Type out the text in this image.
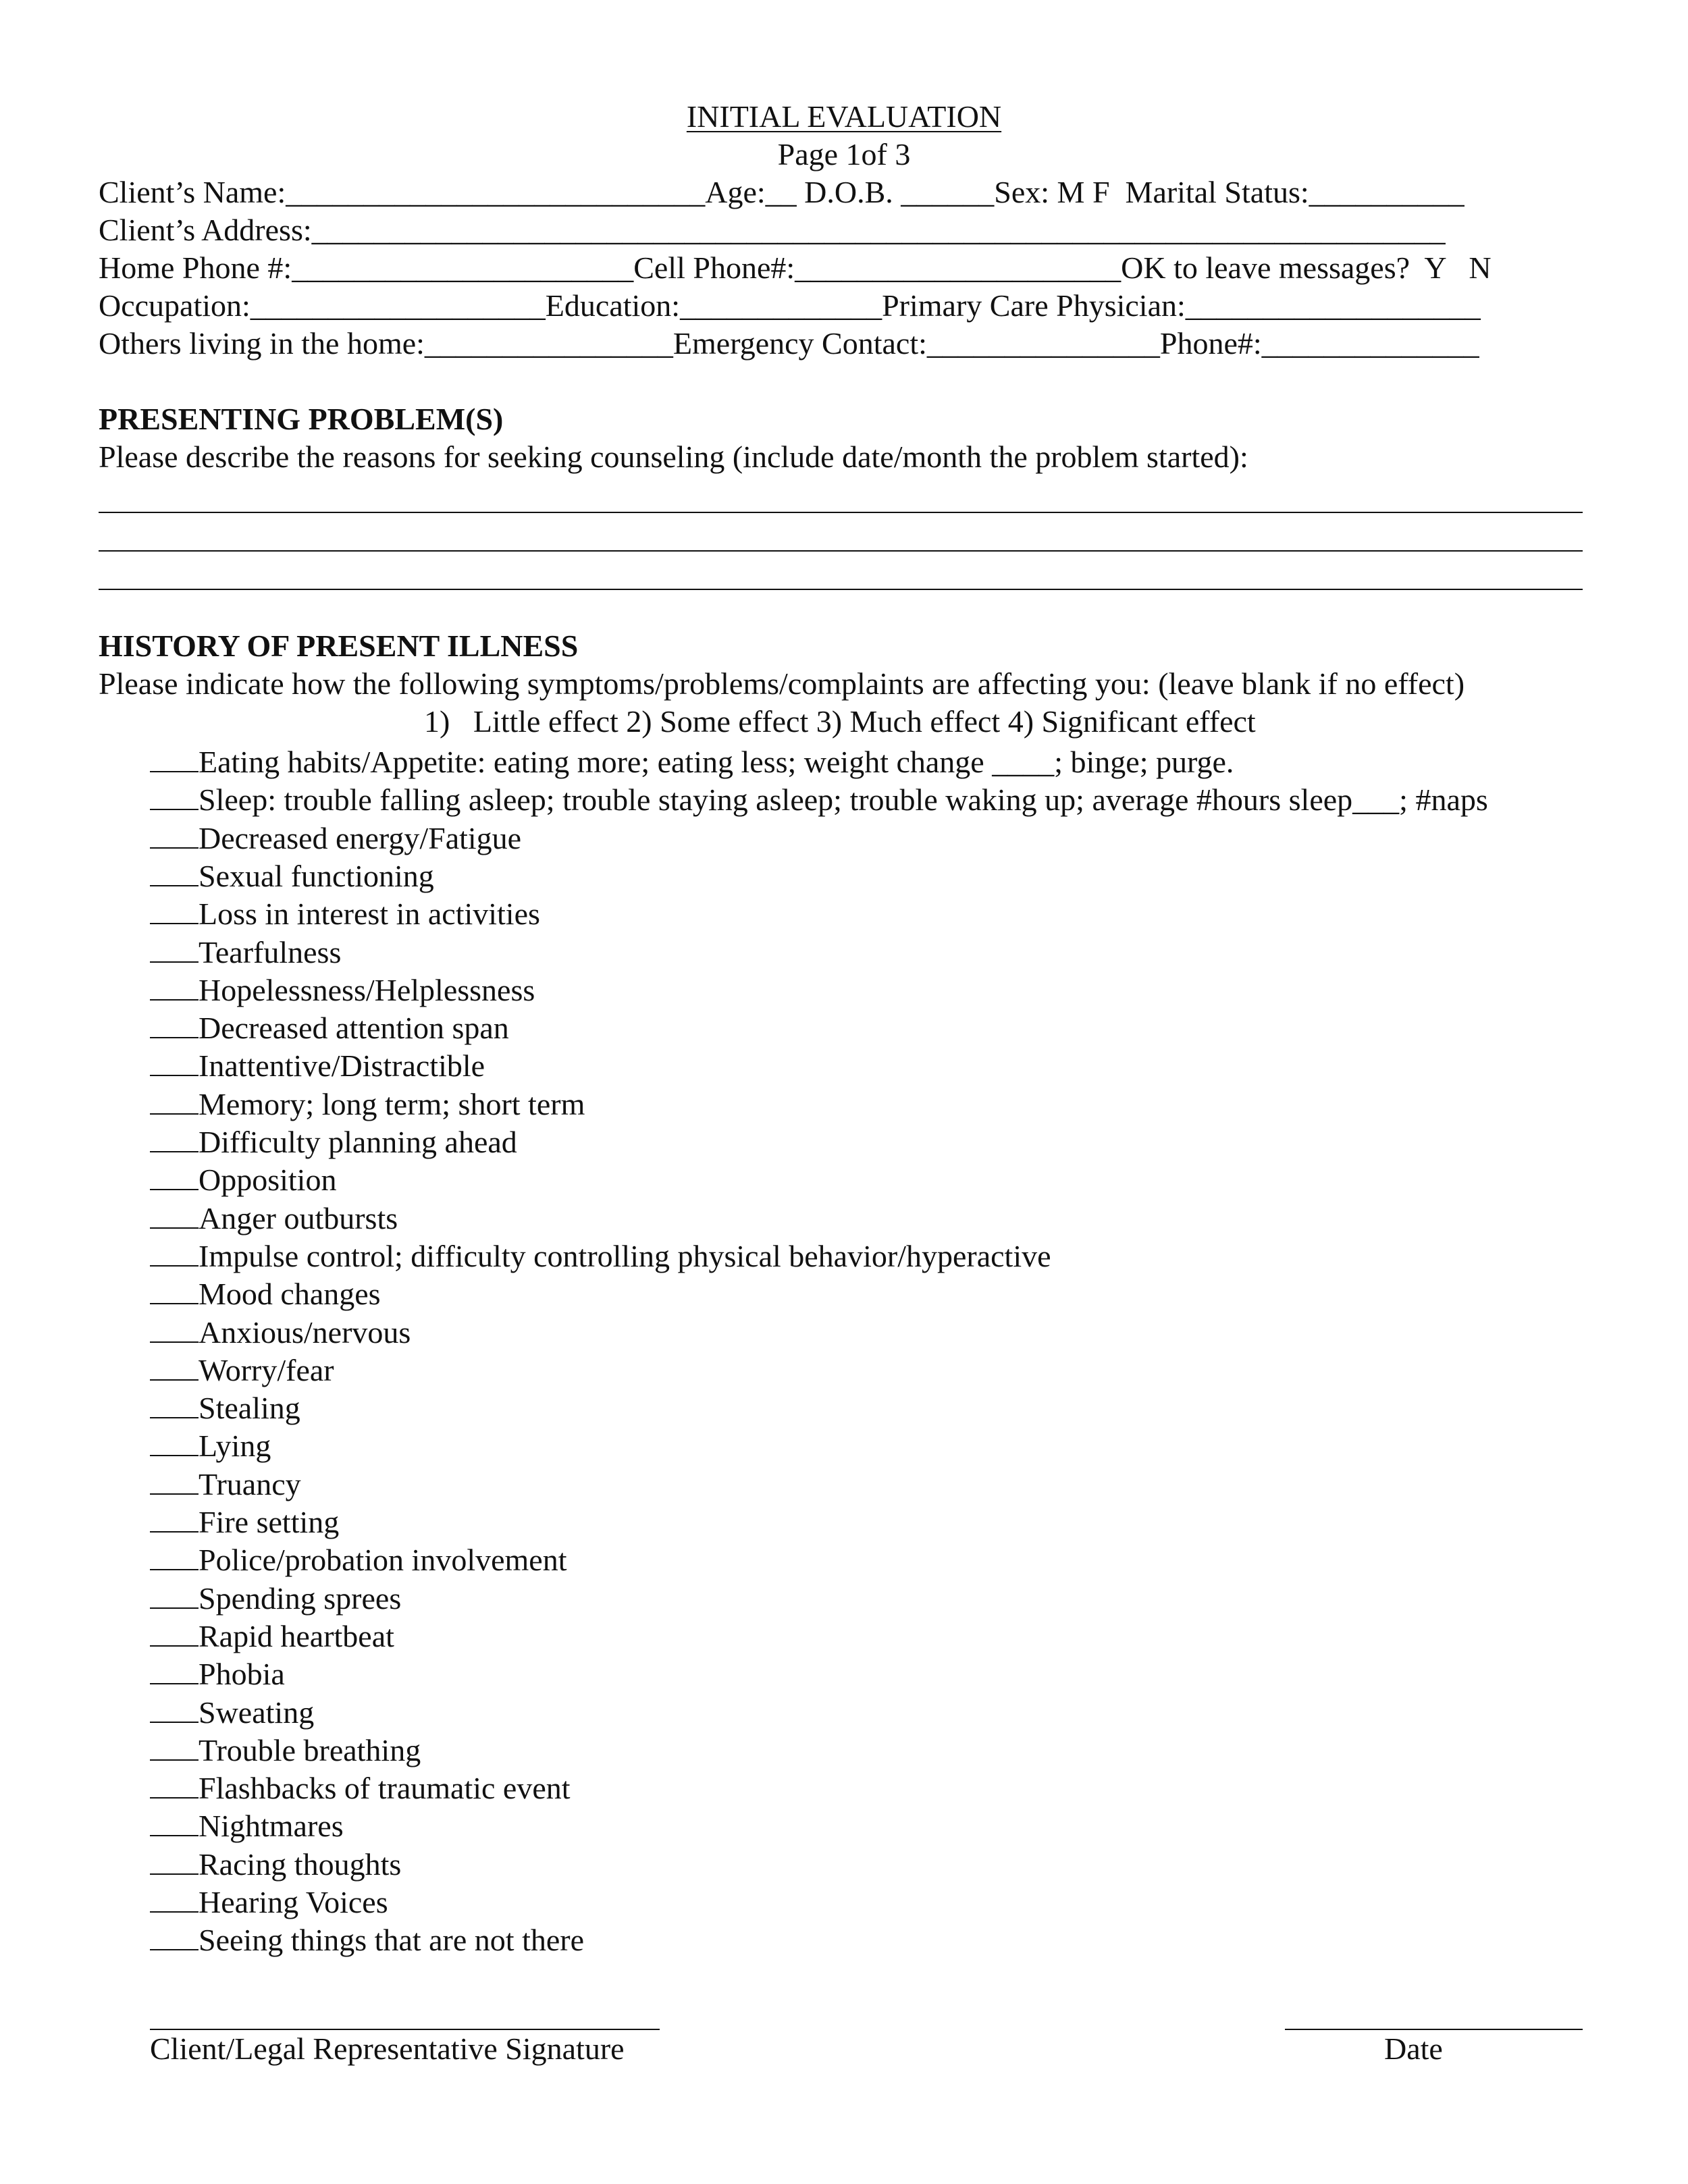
INITIAL EVALUATION
Page 1of 3
Client’s Name:___________________________Age:__ D.O.B. ______Sex: M F  Marital Status:__________
Client’s Address:_________________________________________________________________________
Home Phone #:______________________Cell Phone#:_____________________OK to leave messages?  Y   N
Occupation:___________________Education:_____________Primary Care Physician:___________________
Others living in the home:________________Emergency Contact:_______________Phone#:______________
PRESENTING PROBLEM(S)
Please describe the reasons for seeking counseling (include date/month the problem started):
HISTORY OF PRESENT ILLNESS
Please indicate how the following symptoms/problems/complaints are affecting you: (leave blank if no effect)
1)   Little effect 2) Some effect 3) Much effect 4) Significant effect
Eating habits/Appetite: eating more; eating less; weight change ____; binge; purge.
Sleep: trouble falling asleep; trouble staying asleep; trouble waking up; average #hours sleep___; #naps
Decreased energy/Fatigue
Sexual functioning
Loss in interest in activities
Tearfulness
Hopelessness/Helplessness
Decreased attention span
Inattentive/Distractible
Memory; long term; short term
Difficulty planning ahead
Opposition
Anger outbursts
Impulse control; difficulty controlling physical behavior/hyperactive
Mood changes
Anxious/nervous
Worry/fear
Stealing
Lying
Truancy
Fire setting
Police/probation involvement
Spending sprees
Rapid heartbeat
Phobia
Sweating
Trouble breathing
Flashbacks of traumatic event
Nightmares
Racing thoughts
Hearing Voices
Seeing things that are not there
Client/Legal Representative Signature	Date
